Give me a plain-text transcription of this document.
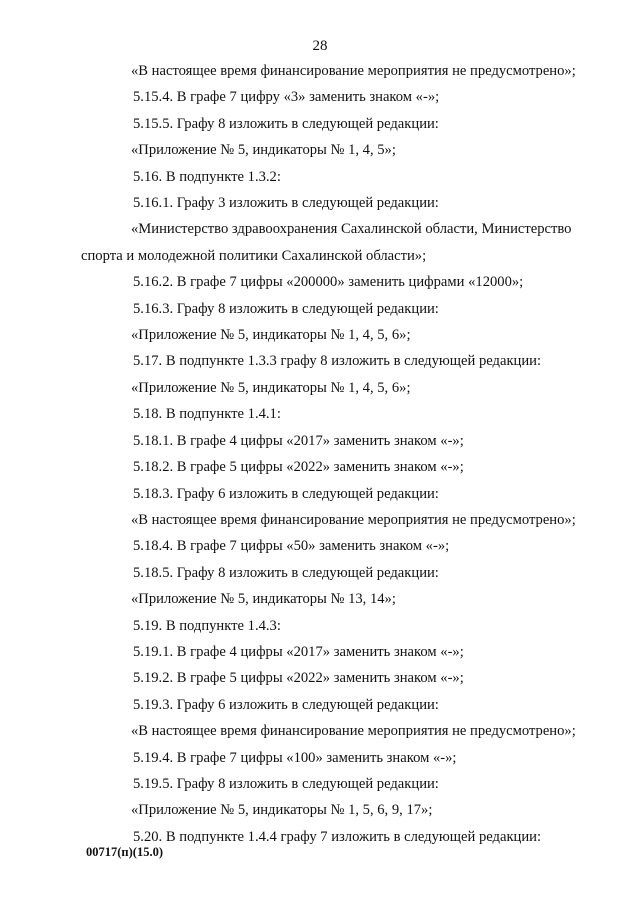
28

«В настоящее время финансирование мероприятия не предусмотрено»;

5.15.4. В графе 7 цифру «3» заменить знаком «-»;

5.15.5. Графу 8 изложить в следующей редакции:

«Приложение № 5, индикаторы № 1, 4, 5»;

5.16. В подпункте 1.3.2:

5.16.1. Графу 3 изложить в следующей редакции:

«Министерство здравоохранения Сахалинской области, Министерство

спорта и молодежной политики Сахалинской области»;

5.16.2. В графе 7 цифры «200000» заменить цифрами «12000»;

5.16.3. Графу 8 изложить в следующей редакции:

«Приложение № 5, индикаторы № 1, 4, 5, 6»;

5.17. В подпункте 1.3.3 графу 8 изложить в следующей редакции:

«Приложение № 5, индикаторы № 1, 4, 5, 6»;

5.18. В подпункте 1.4.1:

5.18.1. В графе 4 цифры «2017» заменить знаком «-»;

5.18.2. В графе 5 цифры «2022» заменить знаком «-»;

5.18.3. Графу 6 изложить в следующей редакции:

«В настоящее время финансирование мероприятия не предусмотрено»;

5.18.4. В графе 7 цифры «50» заменить знаком «-»;

5.18.5. Графу 8 изложить в следующей редакции:

«Приложение № 5, индикаторы № 13, 14»;

5.19. В подпункте 1.4.3:

5.19.1. В графе 4 цифры «2017» заменить знаком «-»;

5.19.2. В графе 5 цифры «2022» заменить знаком «-»;

5.19.3. Графу 6 изложить в следующей редакции:

«В настоящее время финансирование мероприятия не предусмотрено»;

5.19.4. В графе 7 цифры «100» заменить знаком «-»;

5.19.5. Графу 8 изложить в следующей редакции:

«Приложение № 5, индикаторы № 1, 5, 6, 9, 17»;

5.20. В подпункте 1.4.4 графу 7 изложить в следующей редакции:

00717(п)(15.0)
